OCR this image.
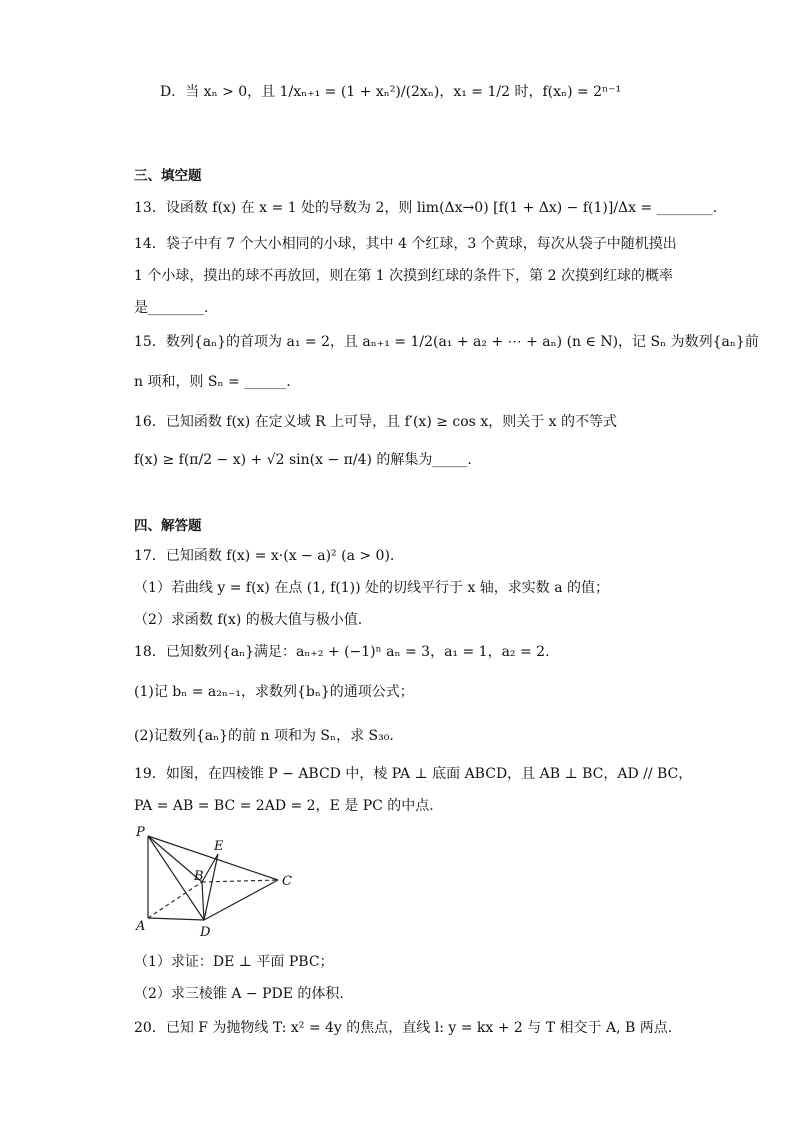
D．当 xₙ > 0，且 1/xₙ₊₁ = (1 + xₙ²)/(2xₙ)，x₁ = 1/2 时，f(xₙ) = 2ⁿ⁻¹
三、填空题
13．设函数 f(x) 在 x = 1 处的导数为 2，则 lim(Δx→0) [f(1 + Δx) − f(1)]/Δx = ________.
14．袋子中有 7 个大小相同的小球，其中 4 个红球，3 个黄球，每次从袋子中随机摸出
1 个小球，摸出的球不再放回，则在第 1 次摸到红球的条件下，第 2 次摸到红球的概率
是________.
15．数列{aₙ}的首项为 a₁ = 2，且 aₙ₊₁ = 1/2(a₁ + a₂ + ⋯ + aₙ) (n ∈ N)，记 Sₙ 为数列{aₙ}前
n 项和，则 Sₙ = ______.
16．已知函数 f(x) 在定义域 R 上可导，且 f′(x) ≥ cos x，则关于 x 的不等式
f(x) ≥ f(π/2 − x) + √2 sin(x − π/4) 的解集为_____.
四、解答题
17．已知函数 f(x) = x·(x − a)² (a > 0).
（1）若曲线 y = f(x) 在点 (1, f(1)) 处的切线平行于 x 轴，求实数 a 的值；
（2）求函数 f(x) 的极大值与极小值.
18．已知数列{aₙ}满足：aₙ₊₂ + (−1)ⁿ aₙ = 3，a₁ = 1，a₂ = 2.
(1)记 bₙ = a₂ₙ₋₁，求数列{bₙ}的通项公式；
(2)记数列{aₙ}的前 n 项和为 Sₙ，求 S₃₀.
19．如图，在四棱锥 P − ABCD 中，棱 PA ⊥ 底面 ABCD，且 AB ⊥ BC，AD // BC，
PA = AB = BC = 2AD = 2，E 是 PC 的中点.
P
E
B	C
A	D
（1）求证：DE ⊥ 平面 PBC；
（2）求三棱锥 A − PDE 的体积.
20．已知 F 为抛物线 T: x² = 4y 的焦点，直线 l: y = kx + 2 与 T 相交于 A, B 两点.
